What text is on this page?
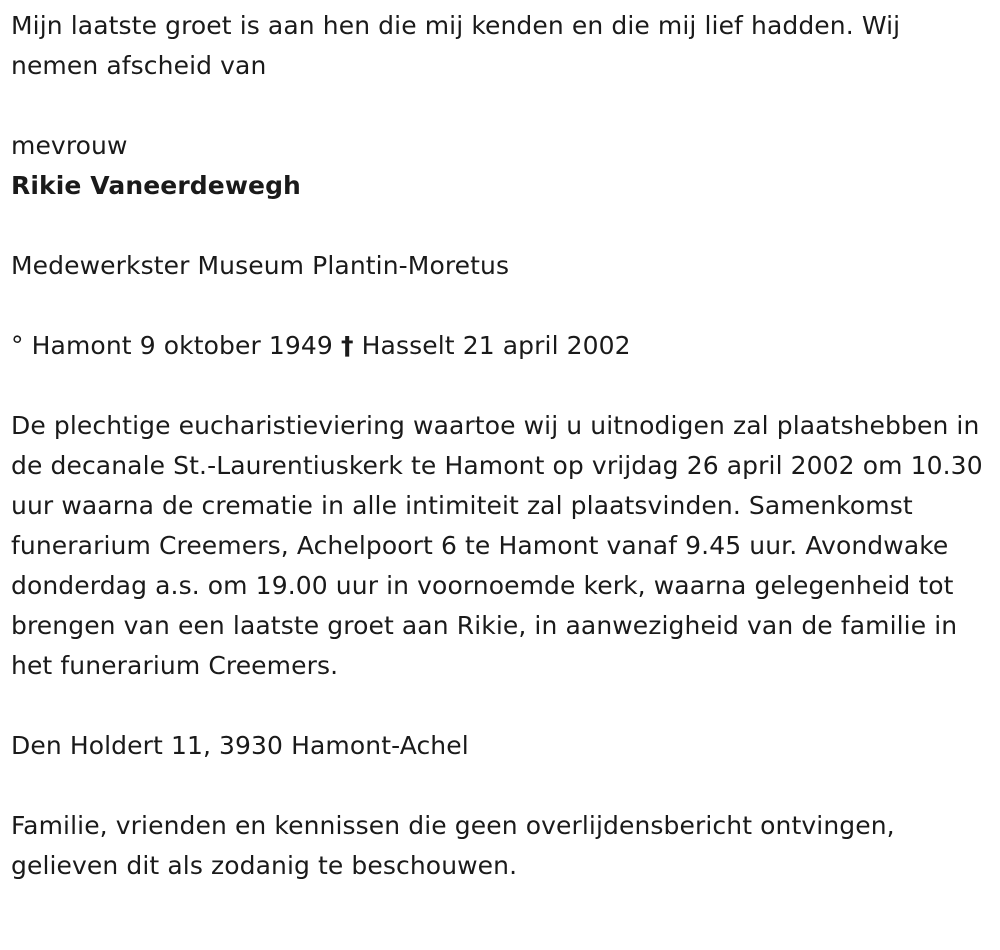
Mijn laatste groet is aan hen die mij kenden en die mij lief hadden. Wij nemen afscheid van

mevrouw

Rikie Vaneerdewegh

Medewerkster Museum Plantin-Moretus

° Hamont 9 oktober 1949 † Hasselt 21 april 2002

De plechtige eucharistieviering waartoe wij u uitnodigen zal plaatshebben in de decanale St.-Laurentiuskerk te Hamont op vrijdag 26 april 2002 om 10.30 uur waarna de crematie in alle intimiteit zal plaatsvinden. Samenkomst funerarium Creemers, Achelpoort 6 te Hamont vanaf 9.45 uur. Avondwake donderdag a.s. om 19.00 uur in voornoemde kerk, waarna gelegenheid tot brengen van een laatste groet aan Rikie, in aanwezigheid van de familie in het funerarium Creemers.

Den Holdert 11, 3930 Hamont-Achel

Familie, vrienden en kennissen die geen overlijdensbericht ontvingen, gelieven dit als zodanig te beschouwen.
